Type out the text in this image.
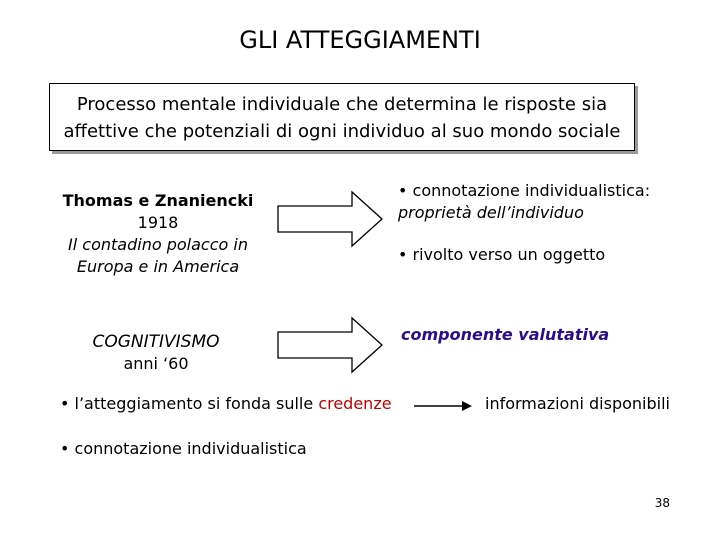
GLI ATTEGGIAMENTI
Processo mentale individuale che determina le risposte sia
affettive che potenziali di ogni individuo al suo mondo sociale
Thomas e Znaniencki
1918
Il contadino polacco in
Europa e in America
• connotazione individualistica:
proprietà dell’individuo
• rivolto verso un oggetto
COGNITIVISMO
anni ‘60
componente valutativa
• l’atteggiamento si fonda sulle credenze	informazioni disponibili
• connotazione individualistica
38
